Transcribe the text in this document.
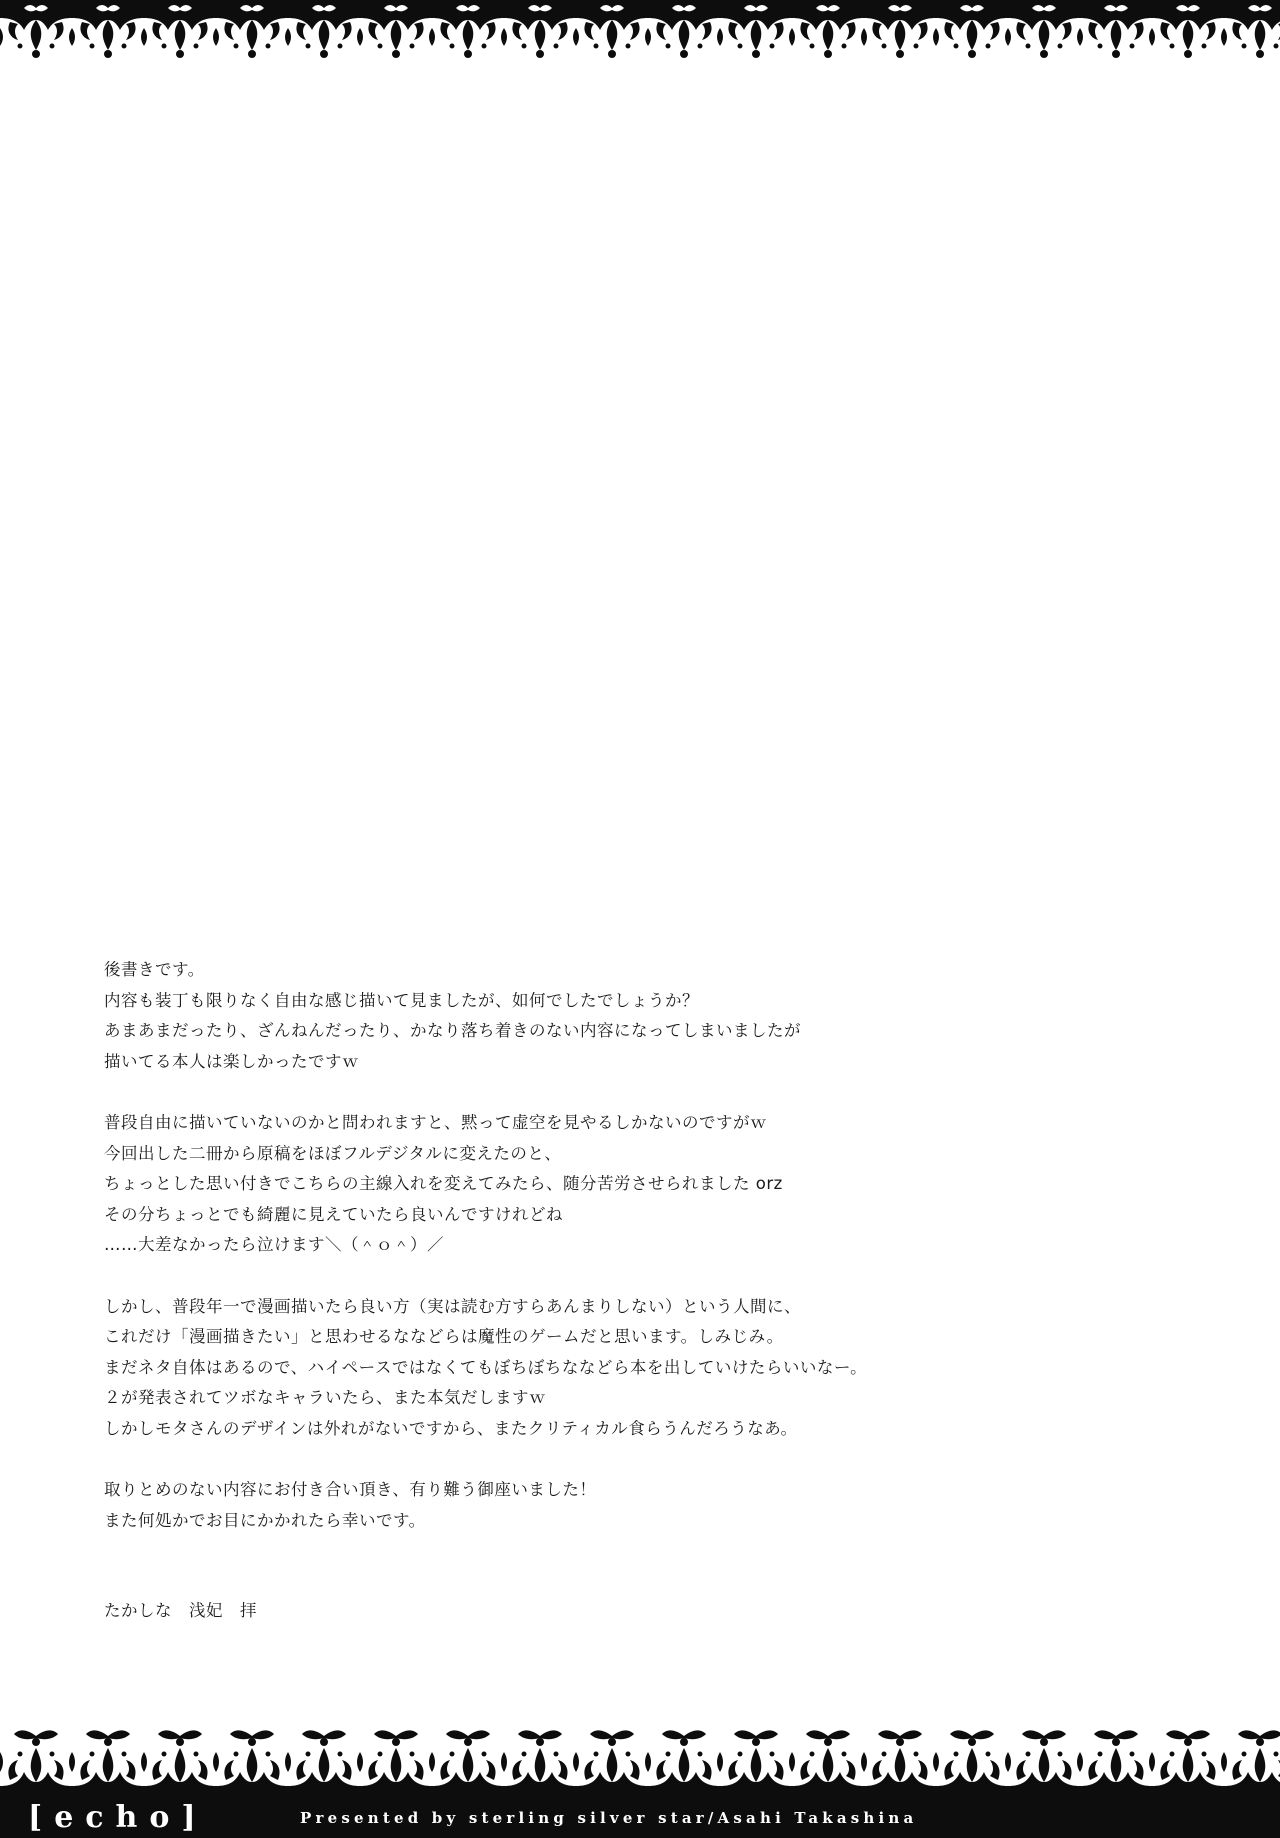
後書きです。
内容も装丁も限りなく自由な感じ描いて見ましたが、如何でしたでしょうか？
あまあまだったり、ざんねんだったり、かなり落ち着きのない内容になってしまいましたが
描いてる本人は楽しかったですｗ
普段自由に描いていないのかと問われますと、黙って虚空を見やるしかないのですがｗ
今回出した二冊から原稿をほぼフルデジタルに変えたのと、
ちょっとした思い付きでこちらの主線入れを変えてみたら、随分苦労させられました orz
その分ちょっとでも綺麗に見えていたら良いんですけれどね
……大差なかったら泣けます＼（＾ｏ＾）／
しかし、普段年一で漫画描いたら良い方（実は読む方すらあんまりしない）という人間に、
これだけ「漫画描きたい」と思わせるななどらは魔性のゲームだと思います。しみじみ。
まだネタ自体はあるので、ハイペースではなくてもぼちぼちななどら本を出していけたらいいなー。
２が発表されてツボなキャラいたら、また本気だしますｗ
しかしモタさんのデザインは外れがないですから、またクリティカル食らうんだろうなあ。
取りとめのない内容にお付き合い頂き、有り難う御座いました！
また何処かでお目にかかれたら幸いです。
たかしな　浅妃　拝
[echo]	Presented by sterling silver star/Asahi Takashina
